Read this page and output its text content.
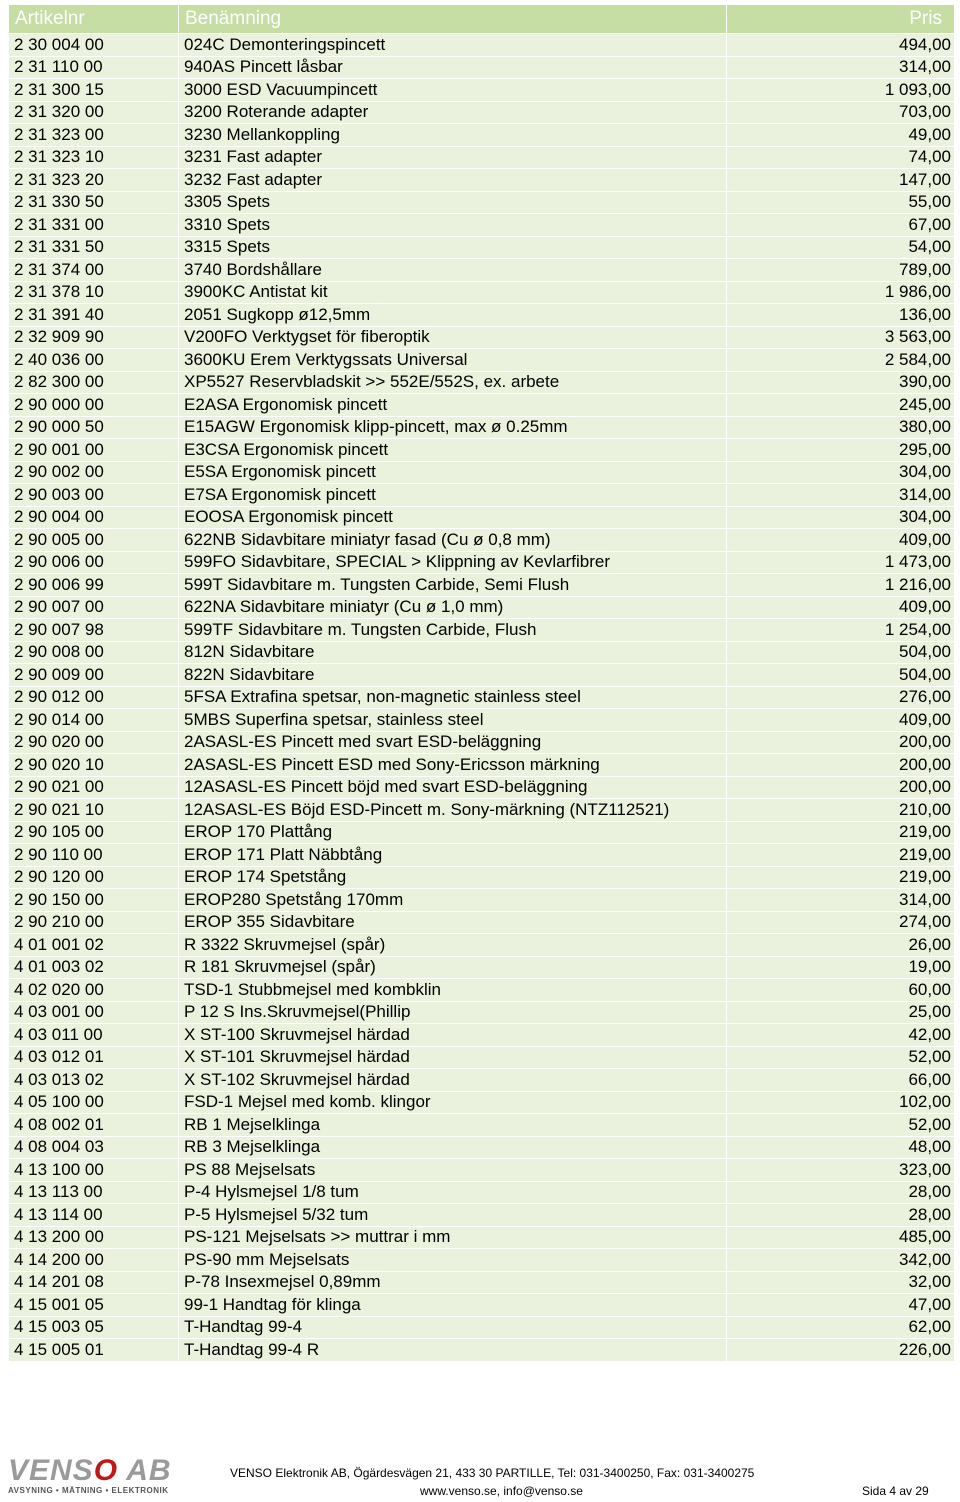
Artikelnr	Benämning	Pris
2 30 004 00	024C Demonteringspincett	494,00
2 31 110 00	940AS Pincett låsbar	314,00
2 31 300 15	3000 ESD Vacuumpincett	1 093,00
2 31 320 00	3200 Roterande adapter	703,00
2 31 323 00	3230 Mellankoppling	49,00
2 31 323 10	3231 Fast adapter	74,00
2 31 323 20	3232 Fast adapter	147,00
2 31 330 50	3305 Spets	55,00
2 31 331 00	3310 Spets	67,00
2 31 331 50	3315 Spets	54,00
2 31 374 00	3740 Bordshållare	789,00
2 31 378 10	3900KC Antistat kit	1 986,00
2 31 391 40	2051 Sugkopp ø12,5mm	136,00
2 32 909 90	V200FO Verktygset för fiberoptik	3 563,00
2 40 036 00	3600KU Erem Verktygssats Universal	2 584,00
2 82 300 00	XP5527 Reservbladskit >> 552E/552S, ex. arbete	390,00
2 90 000 00	E2ASA Ergonomisk pincett	245,00
2 90 000 50	E15AGW Ergonomisk klipp-pincett, max ø 0.25mm	380,00
2 90 001 00	E3CSA Ergonomisk pincett	295,00
2 90 002 00	E5SA Ergonomisk pincett	304,00
2 90 003 00	E7SA Ergonomisk pincett	314,00
2 90 004 00	EOOSA Ergonomisk pincett	304,00
2 90 005 00	622NB Sidavbitare miniatyr fasad (Cu ø 0,8 mm)	409,00
2 90 006 00	599FO Sidavbitare, SPECIAL > Klippning av Kevlarfibrer	1 473,00
2 90 006 99	599T Sidavbitare m. Tungsten Carbide, Semi Flush	1 216,00
2 90 007 00	622NA Sidavbitare miniatyr (Cu ø 1,0 mm)	409,00
2 90 007 98	599TF Sidavbitare m. Tungsten Carbide, Flush	1 254,00
2 90 008 00	812N Sidavbitare	504,00
2 90 009 00	822N Sidavbitare	504,00
2 90 012 00	5FSA Extrafina spetsar, non-magnetic stainless steel	276,00
2 90 014 00	5MBS Superfina spetsar, stainless steel	409,00
2 90 020 00	2ASASL-ES Pincett med svart ESD-beläggning	200,00
2 90 020 10	2ASASL-ES Pincett ESD med Sony-Ericsson märkning	200,00
2 90 021 00	12ASASL-ES Pincett böjd med svart ESD-beläggning	200,00
2 90 021 10	12ASASL-ES Böjd ESD-Pincett m. Sony-märkning (NTZ112521)	210,00
2 90 105 00	EROP 170 Plattång	219,00
2 90 110 00	EROP 171 Platt Näbbtång	219,00
2 90 120 00	EROP 174 Spetstång	219,00
2 90 150 00	EROP280 Spetstång 170mm	314,00
2 90 210 00	EROP 355 Sidavbitare	274,00
4 01 001 02	R 3322 Skruvmejsel (spår)	26,00
4 01 003 02	R 181 Skruvmejsel (spår)	19,00
4 02 020 00	TSD-1 Stubbmejsel med kombklin	60,00
4 03 001 00	P 12 S Ins.Skruvmejsel(Phillip	25,00
4 03 011 00	X ST-100 Skruvmejsel härdad	42,00
4 03 012 01	X ST-101 Skruvmejsel härdad	52,00
4 03 013 02	X ST-102 Skruvmejsel härdad	66,00
4 05 100 00	FSD-1 Mejsel med komb. klingor	102,00
4 08 002 01	RB 1 Mejselklinga	52,00
4 08 004 03	RB 3 Mejselklinga	48,00
4 13 100 00	PS 88 Mejselsats	323,00
4 13 113 00	P-4 Hylsmejsel 1/8 tum	28,00
4 13 114 00	P-5 Hylsmejsel 5/32 tum	28,00
4 13 200 00	PS-121 Mejselsats >> muttrar i mm	485,00
4 14 200 00	PS-90 mm Mejselsats	342,00
4 14 201 08	P-78 Insexmejsel 0,89mm	32,00
4 15 001 05	99-1 Handtag för klinga	47,00
4 15 003 05	T-Handtag 99-4	62,00
4 15 005 01	T-Handtag 99-4 R	226,00
VENSO AB
AVSYNING • MÄTNING • ELEKTRONIK
VENSO Elektronik AB, Ögärdesvägen 21, 433 30 PARTILLE, Tel: 031-3400250, Fax: 031-3400275
www.venso.se, info@venso.se	Sida 4 av 29
